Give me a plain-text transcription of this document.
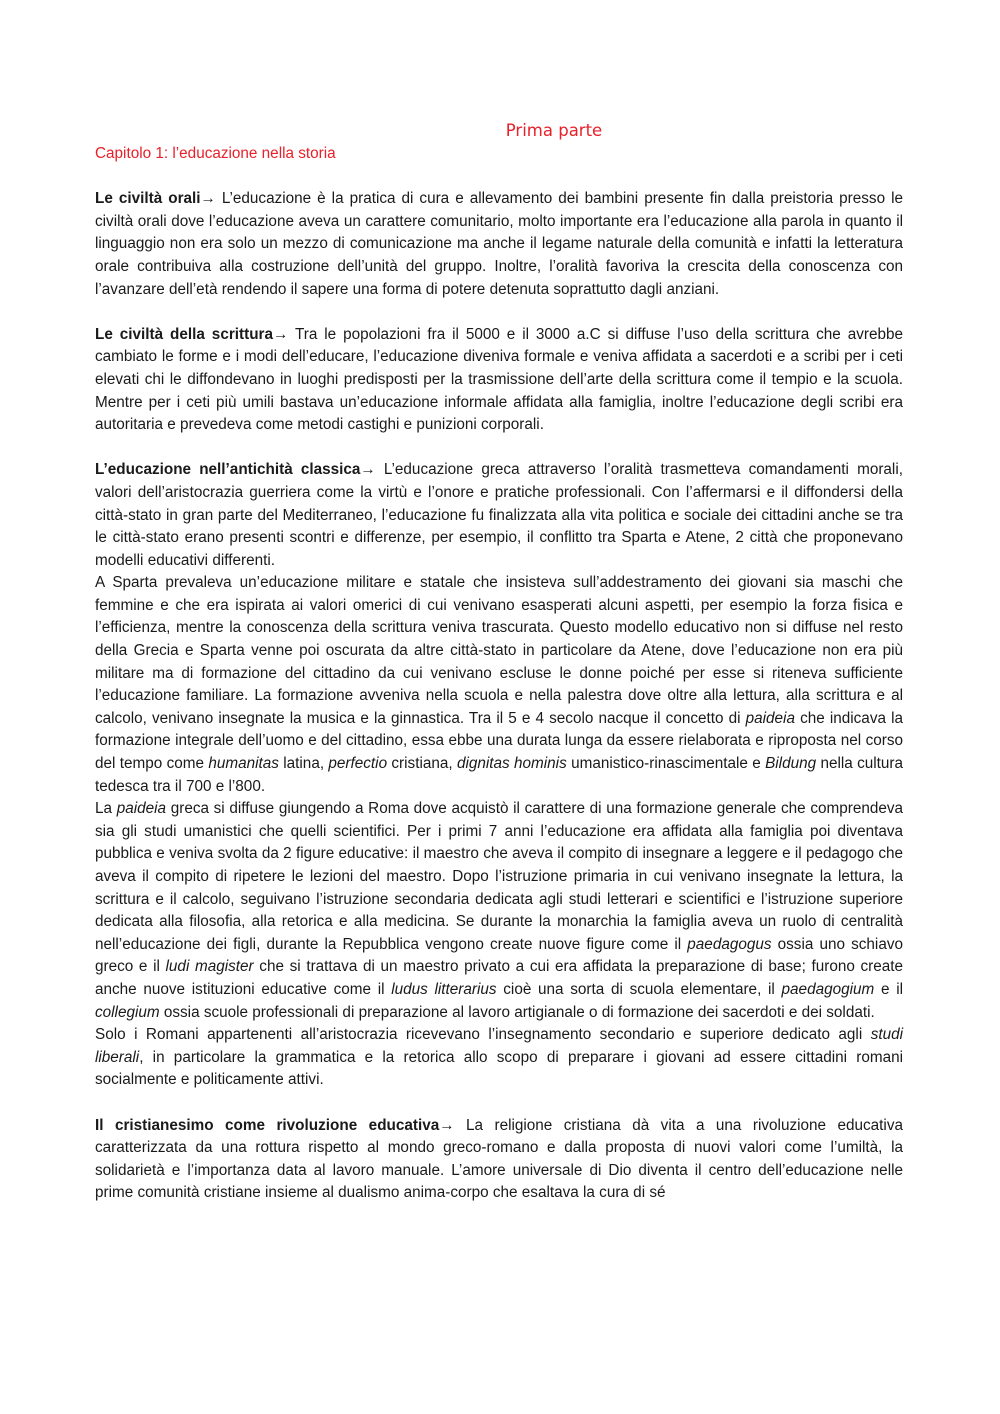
Prima parte
Capitolo 1: l’educazione nella storia

Le civiltà orali→ L’educazione è la pratica di cura e allevamento dei bambini presente fin dalla preistoria presso le civiltà orali dove l’educazione aveva un carattere comunitario, molto importante era l’educazione alla parola in quanto il linguaggio non era solo un mezzo di comunicazione ma anche il legame naturale della comunità e infatti la letteratura orale contribuiva alla costruzione dell’unità del gruppo. Inoltre, l’oralità favoriva la crescita della conoscenza con l’avanzare dell’età rendendo il sapere una forma di potere detenuta soprattutto dagli anziani.

Le civiltà della scrittura→ Tra le popolazioni fra il 5000 e il 3000 a.C si diffuse l’uso della scrittura che avrebbe cambiato le forme e i modi dell’educare, l’educazione diveniva formale e veniva affidata a sacerdoti e a scribi per i ceti elevati chi le diffondevano in luoghi predisposti per la trasmissione dell’arte della scrittura come il tempio e la scuola. Mentre per i ceti più umili bastava un’educazione informale affidata alla famiglia, inoltre l’educazione degli scribi era autoritaria e prevedeva come metodi castighi e punizioni corporali.

L’educazione nell’antichità classica→ L’educazione greca attraverso l’oralità trasmetteva comandamenti morali, valori dell’aristocrazia guerriera come la virtù e l’onore e pratiche professionali. Con l’affermarsi e il diffondersi della città-stato in gran parte del Mediterraneo, l’educazione fu finalizzata alla vita politica e sociale dei cittadini anche se tra le città-stato erano presenti scontri e differenze, per esempio, il conflitto tra Sparta e Atene, 2 città che proponevano modelli educativi differenti.

A Sparta prevaleva un’educazione militare e statale che insisteva sull’addestramento dei giovani sia maschi che femmine e che era ispirata ai valori omerici di cui venivano esasperati alcuni aspetti, per esempio la forza fisica e l’efficienza, mentre la conoscenza della scrittura veniva trascurata. Questo modello educativo non si diffuse nel resto della Grecia e Sparta venne poi oscurata da altre città-stato in particolare da Atene, dove l’educazione non era più militare ma di formazione del cittadino da cui venivano escluse le donne poiché per esse si riteneva sufficiente l’educazione familiare. La formazione avveniva nella scuola e nella palestra dove oltre alla lettura, alla scrittura e al calcolo, venivano insegnate la musica e la ginnastica. Tra il 5 e 4 secolo nacque il concetto di paideia che indicava la formazione integrale dell’uomo e del cittadino, essa ebbe una durata lunga da essere rielaborata e riproposta nel corso del tempo come humanitas latina, perfectio cristiana, dignitas hominis umanistico-rinascimentale e Bildung nella cultura tedesca tra il 700 e l’800.

La paideia greca si diffuse giungendo a Roma dove acquistò il carattere di una formazione generale che comprendeva sia gli studi umanistici che quelli scientifici. Per i primi 7 anni l’educazione era affidata alla famiglia poi diventava pubblica e veniva svolta da 2 figure educative: il maestro che aveva il compito di insegnare a leggere e il pedagogo che aveva il compito di ripetere le lezioni del maestro. Dopo l’istruzione primaria in cui venivano insegnate la lettura, la scrittura e il calcolo, seguivano l’istruzione secondaria dedicata agli studi letterari e scientifici e l’istruzione superiore dedicata alla filosofia, alla retorica e alla medicina. Se durante la monarchia la famiglia aveva un ruolo di centralità nell’educazione dei figli, durante la Repubblica vengono create nuove figure come il paedagogus ossia uno schiavo greco e il ludi magister che si trattava di un maestro privato a cui era affidata la preparazione di base; furono create anche nuove istituzioni educative come il ludus litterarius cioè una sorta di scuola elementare, il paedagogium e il collegium ossia scuole professionali di preparazione al lavoro artigianale o di formazione dei sacerdoti e dei soldati.

Solo i Romani appartenenti all’aristocrazia ricevevano l’insegnamento secondario e superiore dedicato agli studi liberali, in particolare la grammatica e la retorica allo scopo di preparare i giovani ad essere cittadini romani socialmente e politicamente attivi.

Il cristianesimo come rivoluzione educativa→ La religione cristiana dà vita a una rivoluzione educativa caratterizzata da una rottura rispetto al mondo greco-romano e dalla proposta di nuovi valori come l’umiltà, la solidarietà e l’importanza data al lavoro manuale. L’amore universale di Dio diventa il centro dell’educazione nelle prime comunità cristiane insieme al dualismo anima-corpo che esaltava la cura di sé
